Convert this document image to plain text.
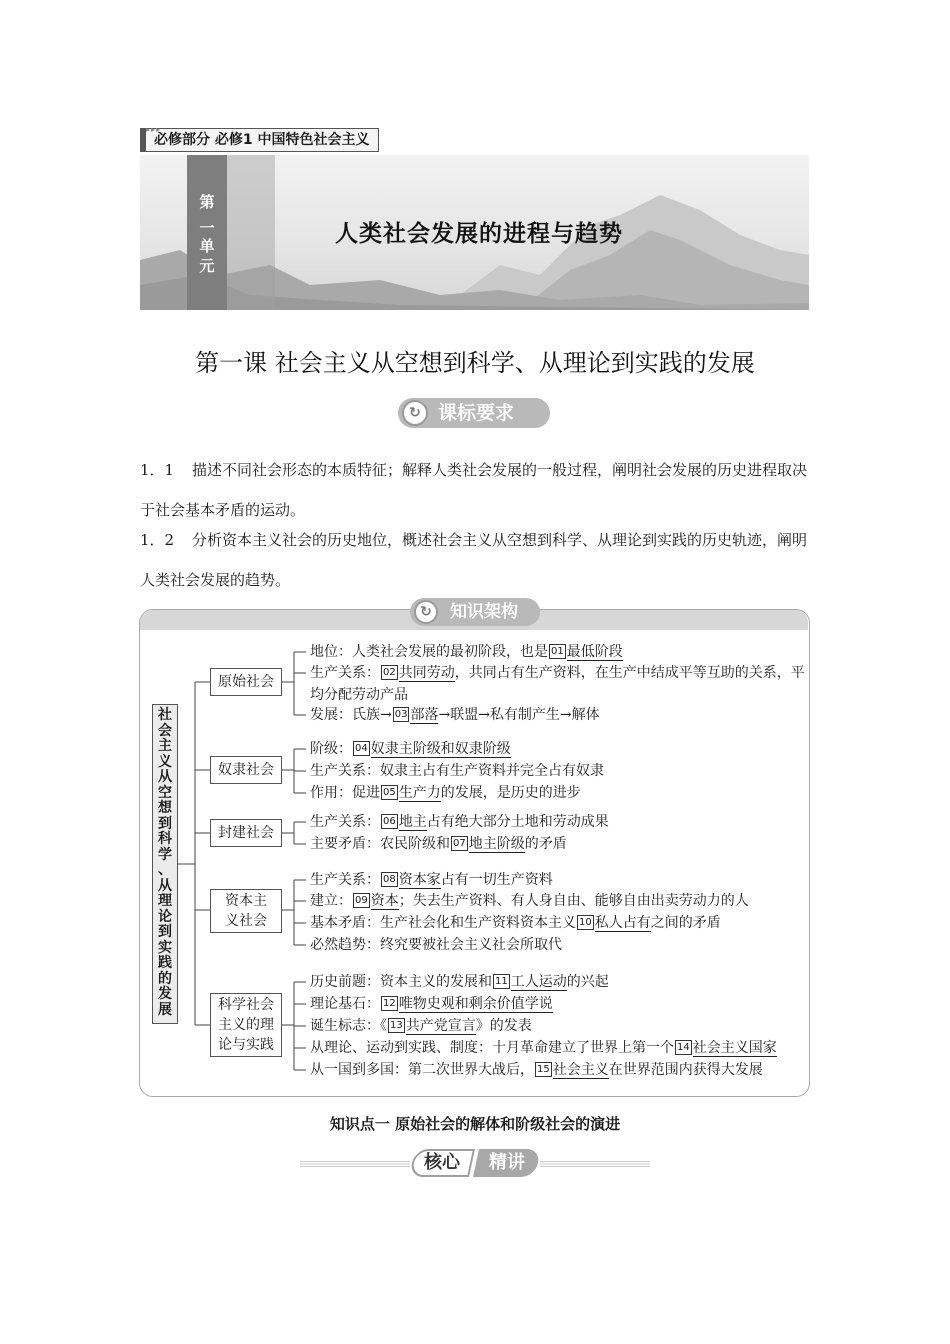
▸▸▸
必修部分 必修1 中国特色社会主义
第
一
单
元
人类社会发展的进程与趋势
第一课 社会主义从空想到科学、从理论到实践的发展
↻ 课标要求
1．1 描述不同社会形态的本质特征；解释人类社会发展的一般过程，阐明社会发展的历史进程取决于社会基本矛盾的运动。
1．2 分析资本主义社会的历史地位，概述社会主义从空想到科学、从理论到实践的历史轨迹，阐明人类社会发展的趋势。
↻	知识架构
社
会
主
义
从
空
想
到
科
学
、
从
理
论
到
实
践
的
发
展
原始社会
奴隶社会
封建社会
资本主义社会
科学社会主义的理论与实践
地位：人类社会发展的最初阶段，也是 01 最低阶段
生产关系： 02 共同劳动，共同占有生产资料，在生产中结成平等互助的关系，平均分配劳动产品
发展：氏族→ 03 部落→联盟→私有制产生→解体
阶级： 04 奴隶主阶级和奴隶阶级
生产关系：奴隶主占有生产资料并完全占有奴隶
作用：促进 05 生产力的发展，是历史的进步
生产关系： 06 地主占有绝大部分土地和劳动成果
主要矛盾：农民阶级和 07 地主阶级的矛盾
生产关系： 08 资本家占有一切生产资料
建立： 09 资本；失去生产资料、有人身自由、能够自由出卖劳动力的人
基本矛盾：生产社会化和生产资料资本主义 10 私人占有之间的矛盾
必然趋势：终究要被社会主义社会所取代
历史前题：资本主义的发展和 11 工人运动的兴起
理论基石： 12 唯物史观和剩余价值学说
诞生标志：《 13 共产党宣言》的发表
从理论、运动到实践、制度：十月革命建立了世界上第一个 14 社会主义国家
从一国到多国：第二次世界大战后， 15 社会主义在世界范围内获得大发展
知识点一 原始社会的解体和阶级社会的演进
核心	精讲
